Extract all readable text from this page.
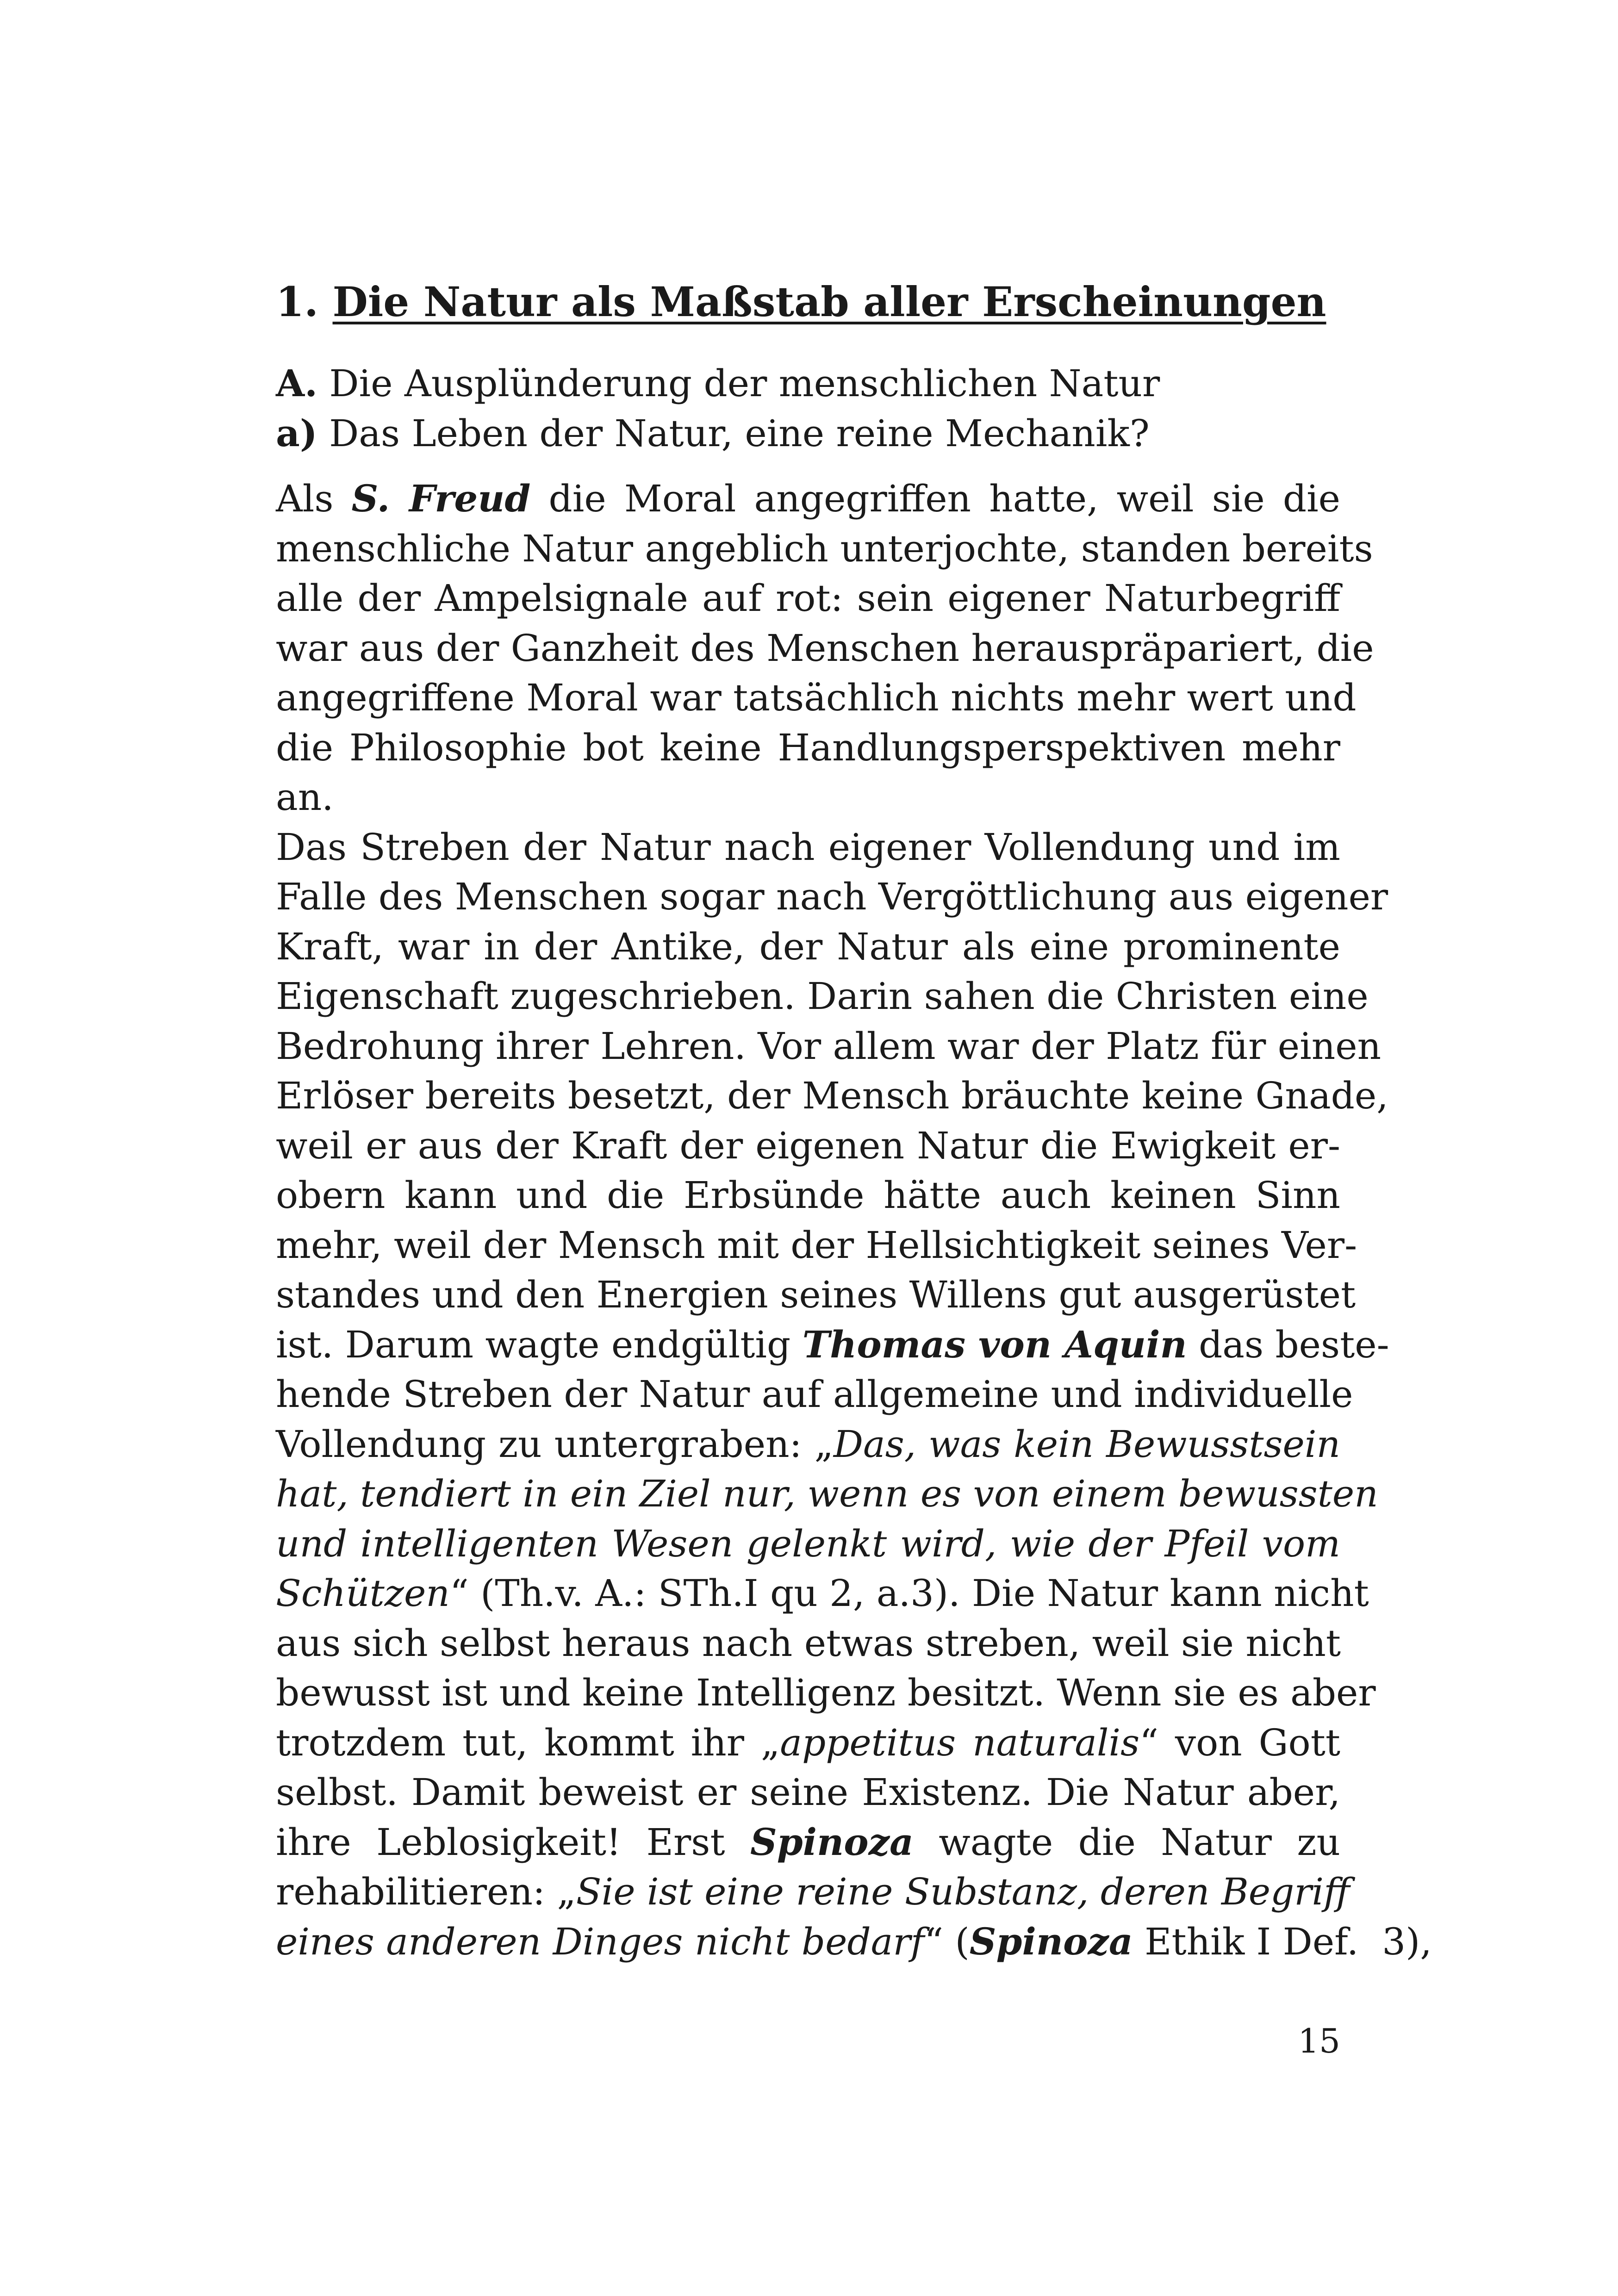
1. Die Natur als Maßstab aller Erscheinungen

A. Die Ausplünderung der menschlichen Natur

a) Das Leben der Natur, eine reine Mechanik?

Als S. Freud die Moral angegriffen hatte, weil sie die
menschliche Natur angeblich unterjochte, standen bereits
alle der Ampelsignale auf rot: sein eigener Naturbegriff
war aus der Ganzheit des Menschen herauspräpariert, die
angegriffene Moral war tatsächlich nichts mehr wert und
die Philosophie bot keine Handlungsperspektiven mehr
an.
Das Streben der Natur nach eigener Vollendung und im
Falle des Menschen sogar nach Vergöttlichung aus eigener
Kraft, war in der Antike, der Natur als eine prominente
Eigenschaft zugeschrieben. Darin sahen die Christen eine
Bedrohung ihrer Lehren. Vor allem war der Platz für einen
Erlöser bereits besetzt, der Mensch bräuchte keine Gnade,
weil er aus der Kraft der eigenen Natur die Ewigkeit er-
obern kann und die Erbsünde hätte auch keinen Sinn
mehr, weil der Mensch mit der Hellsichtigkeit seines Ver-
standes und den Energien seines Willens gut ausgerüstet
ist. Darum wagte endgültig Thomas von Aquin das beste-
hende Streben der Natur auf allgemeine und individuelle
Vollendung zu untergraben: „Das, was kein Bewusstsein
hat, tendiert in ein Ziel nur, wenn es von einem bewussten
und intelligenten Wesen gelenkt wird, wie der Pfeil vom
Schützen“ (Th.v. A.: STh.I qu 2, a.3). Die Natur kann nicht
aus sich selbst heraus nach etwas streben, weil sie nicht
bewusst ist und keine Intelligenz besitzt. Wenn sie es aber
trotzdem tut, kommt ihr „appetitus naturalis“ von Gott
selbst. Damit beweist er seine Existenz. Die Natur aber,
ihre Leblosigkeit! Erst Spinoza wagte die Natur zu
rehabilitieren: „Sie ist eine reine Substanz, deren Begriff
eines anderen Dinges nicht bedarf“ (Spinoza Ethik I Def.  3),

15
